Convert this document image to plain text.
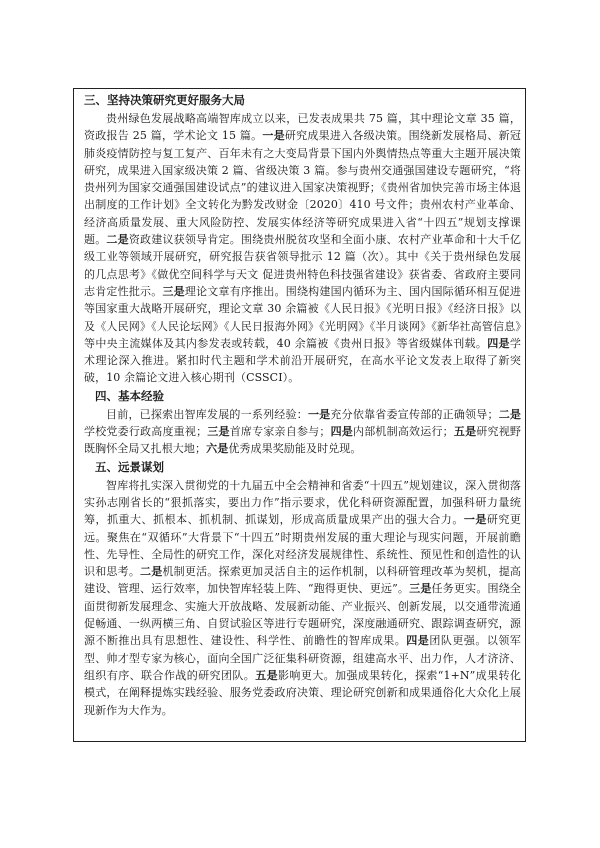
三、坚持决策研究更好服务大局

贵州绿色发展战略高端智库成立以来，已发表成果共 75 篇，其中理论文章 35 篇，资政报告 25 篇，学术论文 15 篇。一是研究成果进入各级决策。围绕新发展格局、新冠肺炎疫情防控与复工复产、百年未有之大变局背景下国内外舆情热点等重大主题开展决策研究，成果进入国家级决策 2 篇、省级决策 3 篇。参与贵州交通强国建设专题研究，“将贵州列为国家交通强国建设试点”的建议进入国家决策视野；《贵州省加快完善市场主体退出制度的工作计划》全文转化为黔发改财金〔2020〕410 号文件；贵州农村产业革命、经济高质量发展、重大风险防控、发展实体经济等研究成果进入省“十四五”规划支撑课题。二是资政建议获领导肯定。围绕贵州脱贫攻坚和全面小康、农村产业革命和十大千亿级工业等领域开展研究，研究报告获省领导批示 12 篇（次）。其中《关于贵州绿色发展的几点思考》《做优空间科学与天文 促进贵州特色科技强省建设》获省委、省政府主要同志肯定性批示。三是理论文章有序推出。围绕构建国内循环为主、国内国际循环相互促进等国家重大战略开展研究，理论文章 30 余篇被《人民日报》《光明日报》《经济日报》以及《人民网》《人民论坛网》《人民日报海外网》《光明网》《半月谈网》《新华社高管信息》等中央主流媒体及其内参发表或转载，40 余篇被《贵州日报》等省级媒体刊载。四是学术理论深入推进。紧扣时代主题和学术前沿开展研究，在高水平论文发表上取得了新突破，10 余篇论文进入核心期刊（CSSCI）。

四、基本经验

目前，已探索出智库发展的一系列经验：一是充分依靠省委宣传部的正确领导；二是学校党委行政高度重视；三是首席专家亲自参与；四是内部机制高效运行；五是研究视野既胸怀全局又扎根大地；六是优秀成果奖励能及时兑现。

五、远景谋划

智库将扎实深入贯彻党的十九届五中全会精神和省委“十四五”规划建议，深入贯彻落实孙志刚省长的“狠抓落实，要出力作”指示要求，优化科研资源配置，加强科研力量统筹，抓重大、抓根本、抓机制、抓谋划，形成高质量成果产出的强大合力。一是研究更远。聚焦在“双循环”大背景下“十四五”时期贵州发展的重大理论与现实问题，开展前瞻性、先导性、全局性的研究工作，深化对经济发展规律性、系统性、预见性和创造性的认识和思考。二是机制更活。探索更加灵活自主的运作机制，以科研管理改革为契机，提高建设、管理、运行效率，加快智库轻装上阵、“跑得更快、更远”。三是任务更实。围绕全面贯彻新发展理念、实施大开放战略、发展新动能、产业振兴、创新发展，以交通带流通促畅通、一纵两横三角、自贸试验区等进行专题研究，深度融通研究、跟踪调查研究，源源不断推出具有思想性、建设性、科学性、前瞻性的智库成果。四是团队更强。以领军型、帅才型专家为核心，面向全国广泛征集科研资源，组建高水平、出力作，人才济济、组织有序、联合作战的研究团队。五是影响更大。加强成果转化，探索“1+N”成果转化模式，在阐释提炼实践经验、服务党委政府决策、理论研究创新和成果通俗化大众化上展现新作为大作为。
